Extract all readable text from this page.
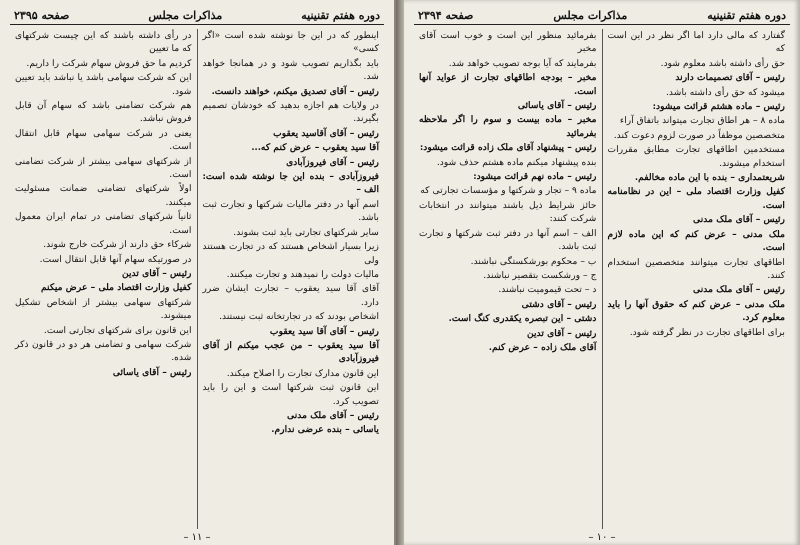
دوره هفتم تقنینیه
مذاکرات مجلس
صفحه ۲۳۹۵

اینطور که در این جا نوشته شده است «اگر کسی»

باید بگذاریم تصویب شود و در همانجا خواهد شد.

رئیس – آقای تصدیق میکنم، خواهند دانست.

در ولایات هم اجازه بدهید که خودشان تصمیم بگیرند.

رئیس – آقای آقاسید یعقوب

آقا سید یعقوب – عرض کنم که...

رئیس – آقای فیروزآبادی

فیروزآبادی – بنده این جا نوشته شده است: الف –

اسم آنها در دفتر مالیات شرکتها و تجارت ثبت باشد.

سایر شرکتهای تجارتی باید ثبت بشوند.

زیرا بسیار اشخاص هستند که در تجارت هستند ولی

مالیات دولت را نمیدهند و تجارت میکنند.

آقای آقا سید یعقوب – تجارت ایشان ضرر دارد.

اشخاص بودند که در تجارتخانه ثبت نیستند.

رئیس – آقای آقا سید یعقوب

آقا سید یعقوب – من عجب میکنم از آقای فیروزآبادی

این قانون مدارک تجارت را اصلاح میکند.

این قانون ثبت شرکتها است و این را باید تصویب کرد.

رئیس – آقای ملک مدنی

یاسائی – بنده عرضی ندارم.

در رأی داشته باشند که این چیست شرکتهای که ما تعیین

کردیم ما حق فروش سهام شرکت را داریم.

این که شرکت سهامی باشد یا نباشد باید تعیین شود.

هم شرکت تضامنی باشد که سهام آن قابل فروش نباشد.

یعنی در شرکت سهامی سهام قابل انتقال است.

از شرکتهای سهامی بیشتر از شرکت تضامنی است.

اولاً شرکتهای تضامنی ضمانت مسئولیت میکنند.

ثانیاً شرکتهای تضامنی در تمام ایران معمول است.

شرکاء حق دارند از شرکت خارج شوند.

در صورتیکه سهام آنها قابل انتقال است.

رئیس – آقای تدین

کفیل وزارت اقتصاد ملی – عرض میکنم

شرکتهای سهامی بیشتر از اشخاص تشکیل میشوند.

این قانون برای شرکتهای تجارتی است.

شرکت سهامی و تضامنی هر دو در قانون ذکر شده.

رئیس – آقای یاسائی

– ۱۱ –
دوره هفتم تقنینیه
مذاکرات مجلس
صفحه ۲۳۹۴

گفتارد که مالی دارد اما اگر نظر در این است که

حق رأی داشته باشد معلوم شود.

رئیس – آقای تصمیمات دارند

میشود که حق رأی داشته باشد.

رئیس – ماده هشتم قرائت میشود:

ماده ۸ – هر اطاق تجارت میتواند باتفاق آراء

متخصصین موظفاً در صورت لزوم دعوت کند.

مستخدمین اطاقهای تجارت مطابق مقررات استخدام میشوند.

شریعتمداری – بنده با این ماده مخالفم.

کفیل وزارت اقتصاد ملی – این در نظامنامه است.

رئیس – آقای ملک مدنی

ملک مدنی – عرض کنم که این ماده لازم است.

اطاقهای تجارت میتوانند متخصصین استخدام کنند.

رئیس – آقای ملک مدنی

ملک مدنی – عرض کنم که حقوق آنها را باید معلوم کرد.

برای اطاقهای تجارت در نظر گرفته شود.

بفرمائید منظور این است و خوب است آقای مخبر

بفرمایند که آیا بوجه تصویب خواهد شد.

مخبر – بودجه اطاقهای تجارت از عواید آنها است.

رئیس – آقای یاسائی

مخبر – ماده بیست و سوم را اگر ملاحظه بفرمائید

رئیس – پیشنهاد آقای ملک زاده قرائت میشود:

بنده پیشنهاد میکنم ماده هشتم حذف شود.

رئیس – ماده نهم قرائت میشود:

ماده ۹ – تجار و شرکتها و مؤسسات تجارتی که

حائز شرایط ذیل باشند میتوانند در انتخابات شرکت کنند:

الف – اسم آنها در دفتر ثبت شرکتها و تجارت ثبت باشد.

ب – محکوم بورشکستگی نباشند.

ج – ورشکست بتقصیر نباشند.

د – تحت قیمومیت نباشند.

رئیس – آقای دشتی

دشتی – این تبصره یکقدری کنگ است.

رئیس – آقای تدین

آقای ملک زاده – عرض کنم.

– ۱۰ –
